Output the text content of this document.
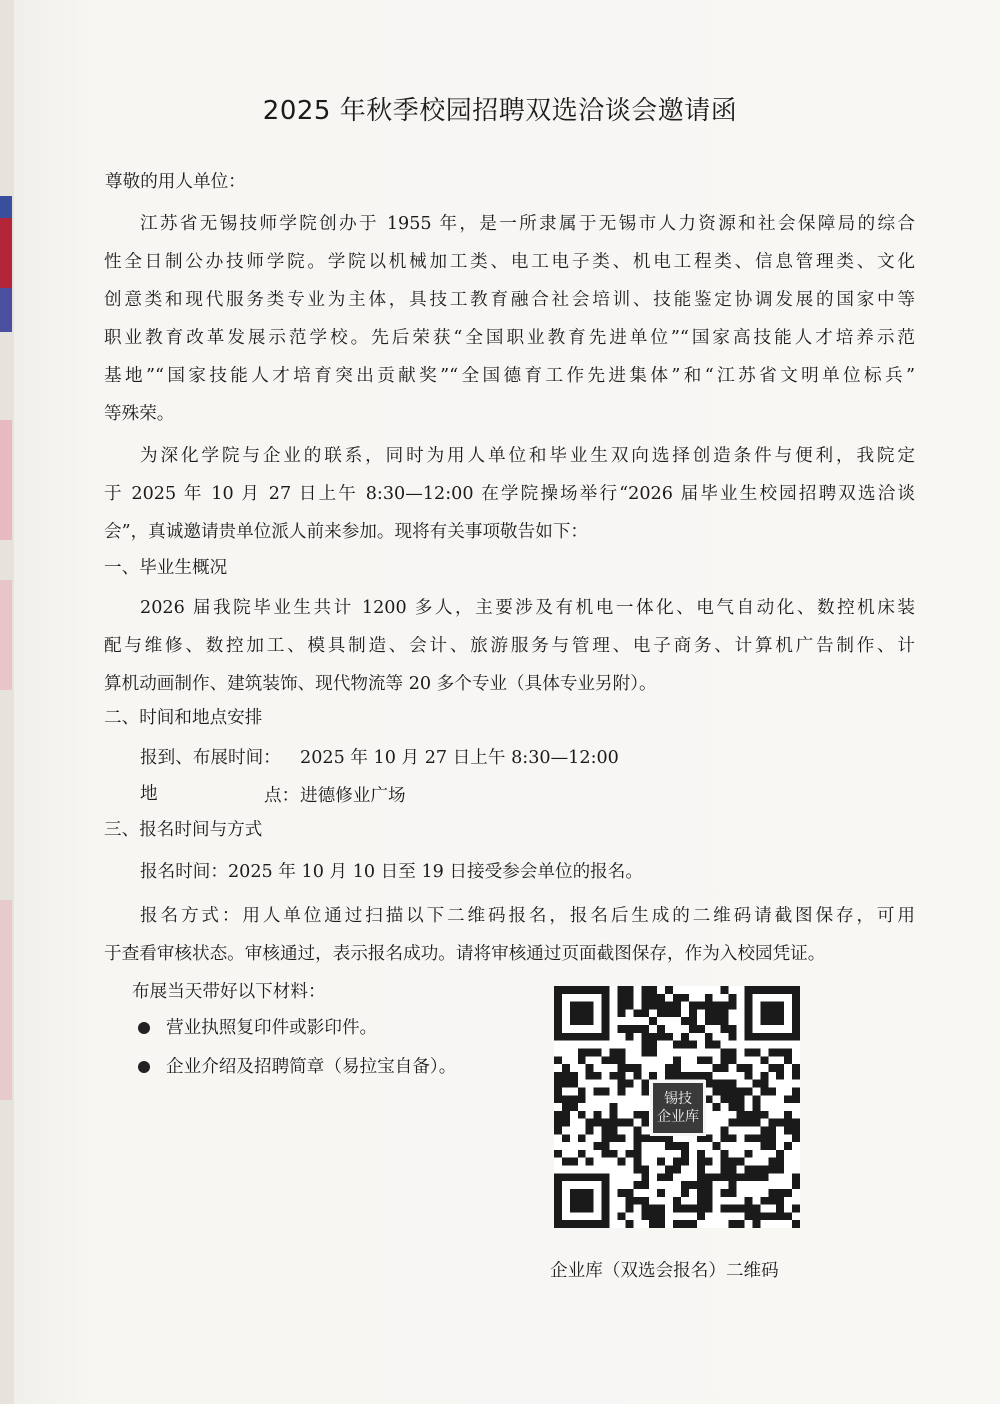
2025 年秋季校园招聘双选洽谈会邀请函
尊敬的用人单位：
江苏省无锡技师学院创办于 1955 年，是一所隶属于无锡市人力资源和社会保障局的综合
性全日制公办技师学院。学院以机械加工类、电工电子类、机电工程类、信息管理类、文化
创意类和现代服务类专业为主体，具技工教育融合社会培训、技能鉴定协调发展的国家中等
职业教育改革发展示范学校。先后荣获“全国职业教育先进单位”“国家高技能人才培养示范
基地”“国家技能人才培育突出贡献奖”“全国德育工作先进集体”和“江苏省文明单位标兵”
等殊荣。
为深化学院与企业的联系，同时为用人单位和毕业生双向选择创造条件与便利，我院定
于 2025 年 10 月 27 日上午 8:30—12:00 在学院操场举行“2026 届毕业生校园招聘双选洽谈
会”，真诚邀请贵单位派人前来参加。现将有关事项敬告如下：
一、毕业生概况
2026 届我院毕业生共计 1200 多人，主要涉及有机电一体化、电气自动化、数控机床装
配与维修、数控加工、模具制造、会计、旅游服务与管理、电子商务、计算机广告制作、计
算机动画制作、建筑装饰、现代物流等 20 多个专业（具体专业另附）。
二、时间和地点安排
报到、布展时间： 2025 年 10 月 27 日上午 8:30—12:00
地	点： 进德修业广场
三、报名时间与方式
报名时间：2025 年 10 月 10 日至 19 日接受参会单位的报名。
报名方式：用人单位通过扫描以下二维码报名，报名后生成的二维码请截图保存，可用
于查看审核状态。审核通过，表示报名成功。请将审核通过页面截图保存，作为入校园凭证。
布展当天带好以下材料：
营业执照复印件或影印件。
企业介绍及招聘简章（易拉宝自备）。
锡技
企业库
企业库（双选会报名）二维码
